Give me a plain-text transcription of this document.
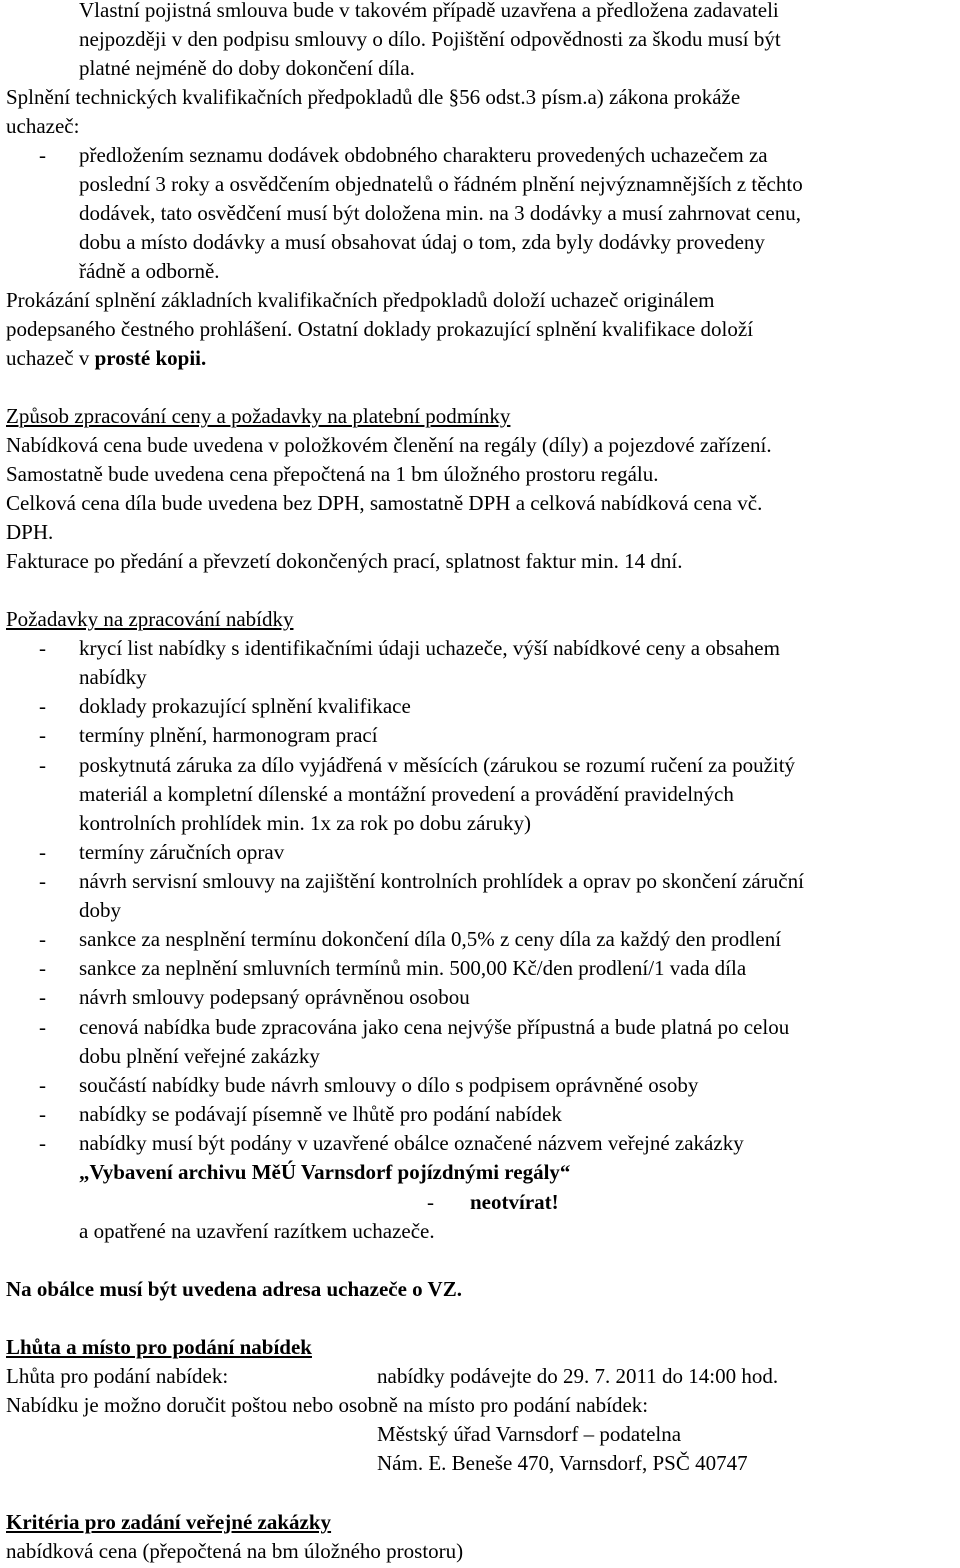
Vlastní pojistná smlouva bude v takovém případě uzavřena a předložena zadavateli
nejpozději v den podpisu smlouvy o dílo. Pojištění odpovědnosti za škodu musí být
platné nejméně do doby dokončení díla.
Splnění technických kvalifikačních předpokladů dle §56 odst.3 písm.a) zákona prokáže
uchazeč:
- předložením seznamu dodávek obdobného charakteru provedených uchazečem za
poslední 3 roky a osvědčením objednatelů o řádném plnění nejvýznamnějších z těchto
dodávek, tato osvědčení musí být doložena min. na 3 dodávky a musí zahrnovat cenu,
dobu a místo dodávky a musí obsahovat údaj o tom, zda byly dodávky provedeny
řádně a odborně.
Prokázání splnění základních kvalifikačních předpokladů doloží uchazeč originálem
podepsaného čestného prohlášení. Ostatní doklady prokazující splnění kvalifikace doloží
uchazeč v prosté kopii.
Způsob zpracování ceny a požadavky na platební podmínky
Nabídková cena bude uvedena v položkovém členění na regály (díly) a pojezdové zařízení.
Samostatně bude uvedena cena přepočtená na 1 bm úložného prostoru regálu.
Celková cena díla bude uvedena bez DPH, samostatně DPH a celková nabídková cena vč.
DPH.
Fakturace po předání a převzetí dokončených prací, splatnost faktur min. 14 dní.
Požadavky na zpracování nabídky
- krycí list nabídky s identifikačními údaji uchazeče, výší nabídkové ceny a obsahem
nabídky
- doklady prokazující splnění kvalifikace
- termíny plnění, harmonogram prací
- poskytnutá záruka za dílo vyjádřená v měsících (zárukou se rozumí ručení za použitý
materiál a kompletní dílenské a montážní provedení a provádění pravidelných
kontrolních prohlídek min. 1x za rok po dobu záruky)
- termíny záručních oprav
- návrh servisní smlouvy na zajištění kontrolních prohlídek a oprav po skončení záruční
doby
- sankce za nesplnění termínu dokončení díla 0,5% z ceny díla za každý den prodlení
- sankce za neplnění smluvních termínů min. 500,00 Kč/den prodlení/1 vada díla
- návrh smlouvy podepsaný oprávněnou osobou
- cenová nabídka bude zpracována jako cena nejvýše přípustná a bude platná po celou
dobu plnění veřejné zakázky
- součástí nabídky bude návrh smlouvy o dílo s podpisem oprávněné osoby
- nabídky se podávají písemně ve lhůtě pro podání nabídek
- nabídky musí být podány v uzavřené obálce označené názvem veřejné zakázky
„Vybavení archivu MěÚ Varnsdorf pojízdnými regály“
- neotvírat!
a opatřené na uzavření razítkem uchazeče.
Na obálce musí být uvedena adresa uchazeče o VZ.
Lhůta a místo pro podání nabídek
Lhůta pro podání nabídek:	nabídky podávejte do 29. 7. 2011 do 14:00 hod.
Nabídku je možno doručit poštou nebo osobně na místo pro podání nabídek:
Městský úřad Varnsdorf – podatelna
Nám. E. Beneše 470, Varnsdorf, PSČ 40747
Kritéria pro zadání veřejné zakázky
nabídková cena (přepočtená na bm úložného prostoru)
